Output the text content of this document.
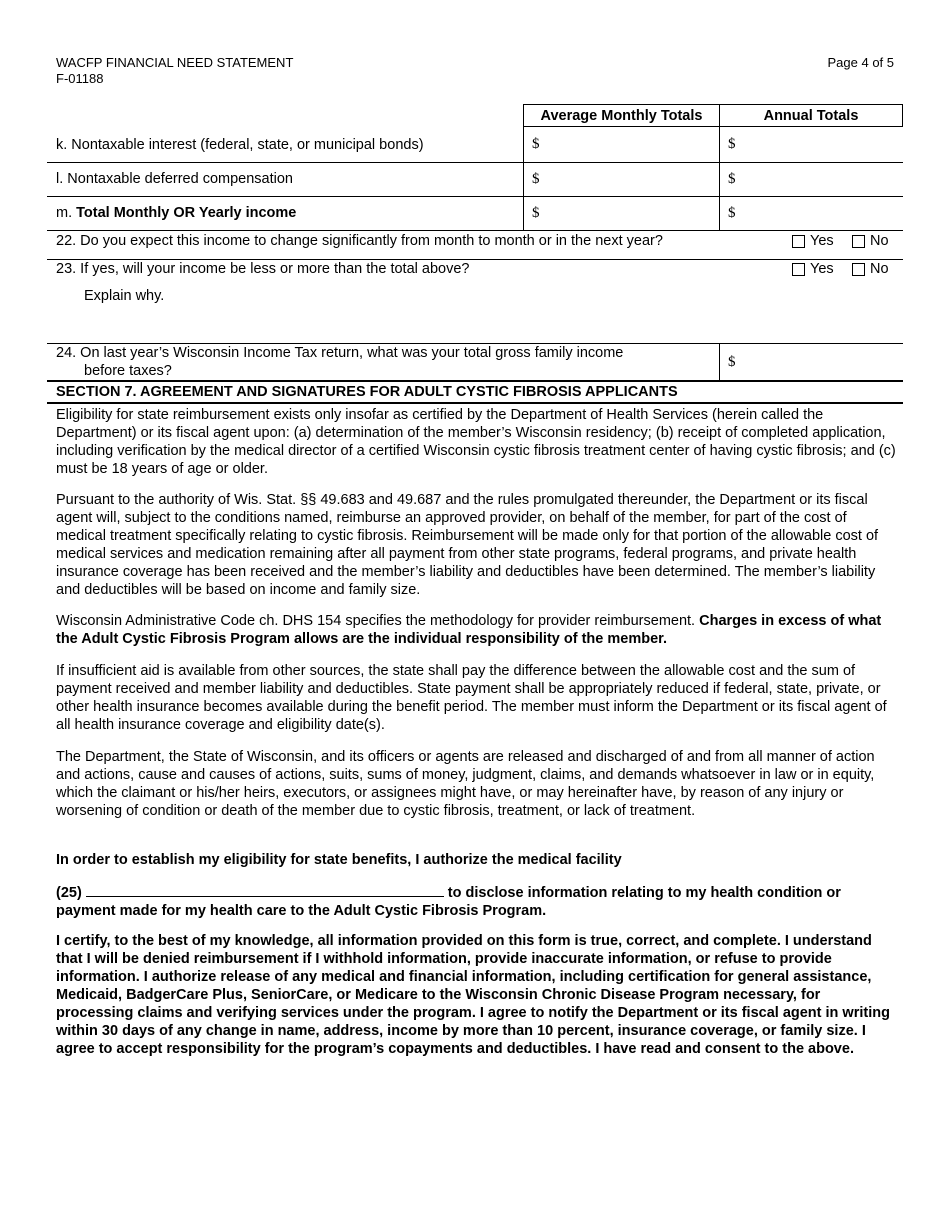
WACFP FINANCIAL NEED STATEMENT
F-01188
Page 4 of 5
Average Monthly Totals	Annual Totals
k. Nontaxable interest (federal, state, or municipal bonds)	$	$
l. Nontaxable deferred compensation	$	$
m. Total Monthly OR Yearly income	$	$
22. Do you expect this income to change significantly from month to month or in the next year?	Yes	No
23. If yes, will your income be less or more than the total above?	Yes	No
Explain why.
24. On last year’s Wisconsin Income Tax return, what was your total gross family income
before taxes?
$
SECTION 7. AGREEMENT AND SIGNATURES FOR ADULT CYSTIC FIBROSIS APPLICANTS

Eligibility for state reimbursement exists only insofar as certified by the Department of Health Services (herein called the Department) or its fiscal agent upon: (a) determination of the member’s Wisconsin residency; (b) receipt of completed application, including verification by the medical director of a certified Wisconsin cystic fibrosis treatment center of having cystic fibrosis; and (c) must be 18 years of age or older.

Pursuant to the authority of Wis. Stat. §§ 49.683 and 49.687 and the rules promulgated thereunder, the Department or its fiscal agent will, subject to the conditions named, reimburse an approved provider, on behalf of the member, for part of the cost of medical treatment specifically relating to cystic fibrosis. Reimbursement will be made only for that portion of the allowable cost of medical services and medication remaining after all payment from other state programs, federal programs, and private health insurance coverage has been received and the member’s liability and deductibles have been determined. The member’s liability and deductibles will be based on income and family size.

Wisconsin Administrative Code ch. DHS 154 specifies the methodology for provider reimbursement. Charges in excess of what the Adult Cystic Fibrosis Program allows are the individual responsibility of the member.

If insufficient aid is available from other sources, the state shall pay the difference between the allowable cost and the sum of payment received and member liability and deductibles. State payment shall be appropriately reduced if federal, state, private, or other health insurance becomes available during the benefit period. The member must inform the Department or its fiscal agent of all health insurance coverage and eligibility date(s).

The Department, the State of Wisconsin, and its officers or agents are released and discharged of and from all manner of action and actions, cause and causes of actions, suits, sums of money, judgment, claims, and demands whatsoever in law or in equity, which the claimant or his/her heirs, executors, or assignees might have, or may hereinafter have, by reason of any injury or worsening of condition or death of the member due to cystic fibrosis, treatment, or lack of treatment.

In order to establish my eligibility for state benefits, I authorize the medical facility

(25)	to disclose information relating to my health condition or payment made for my health care to the Adult Cystic Fibrosis Program.

I certify, to the best of my knowledge, all information provided on this form is true, correct, and complete. I understand that I will be denied reimbursement if I withhold information, provide inaccurate information, or refuse to provide information. I authorize release of any medical and financial information, including certification for general assistance, Medicaid, BadgerCare Plus, SeniorCare, or Medicare to the Wisconsin Chronic Disease Program necessary, for processing claims and verifying services under the program. I agree to notify the Department or its fiscal agent in writing within 30 days of any change in name, address, income by more than 10 percent, insurance coverage, or family size. I agree to accept responsibility for the program’s copayments and deductibles. I have read and consent to the above.
